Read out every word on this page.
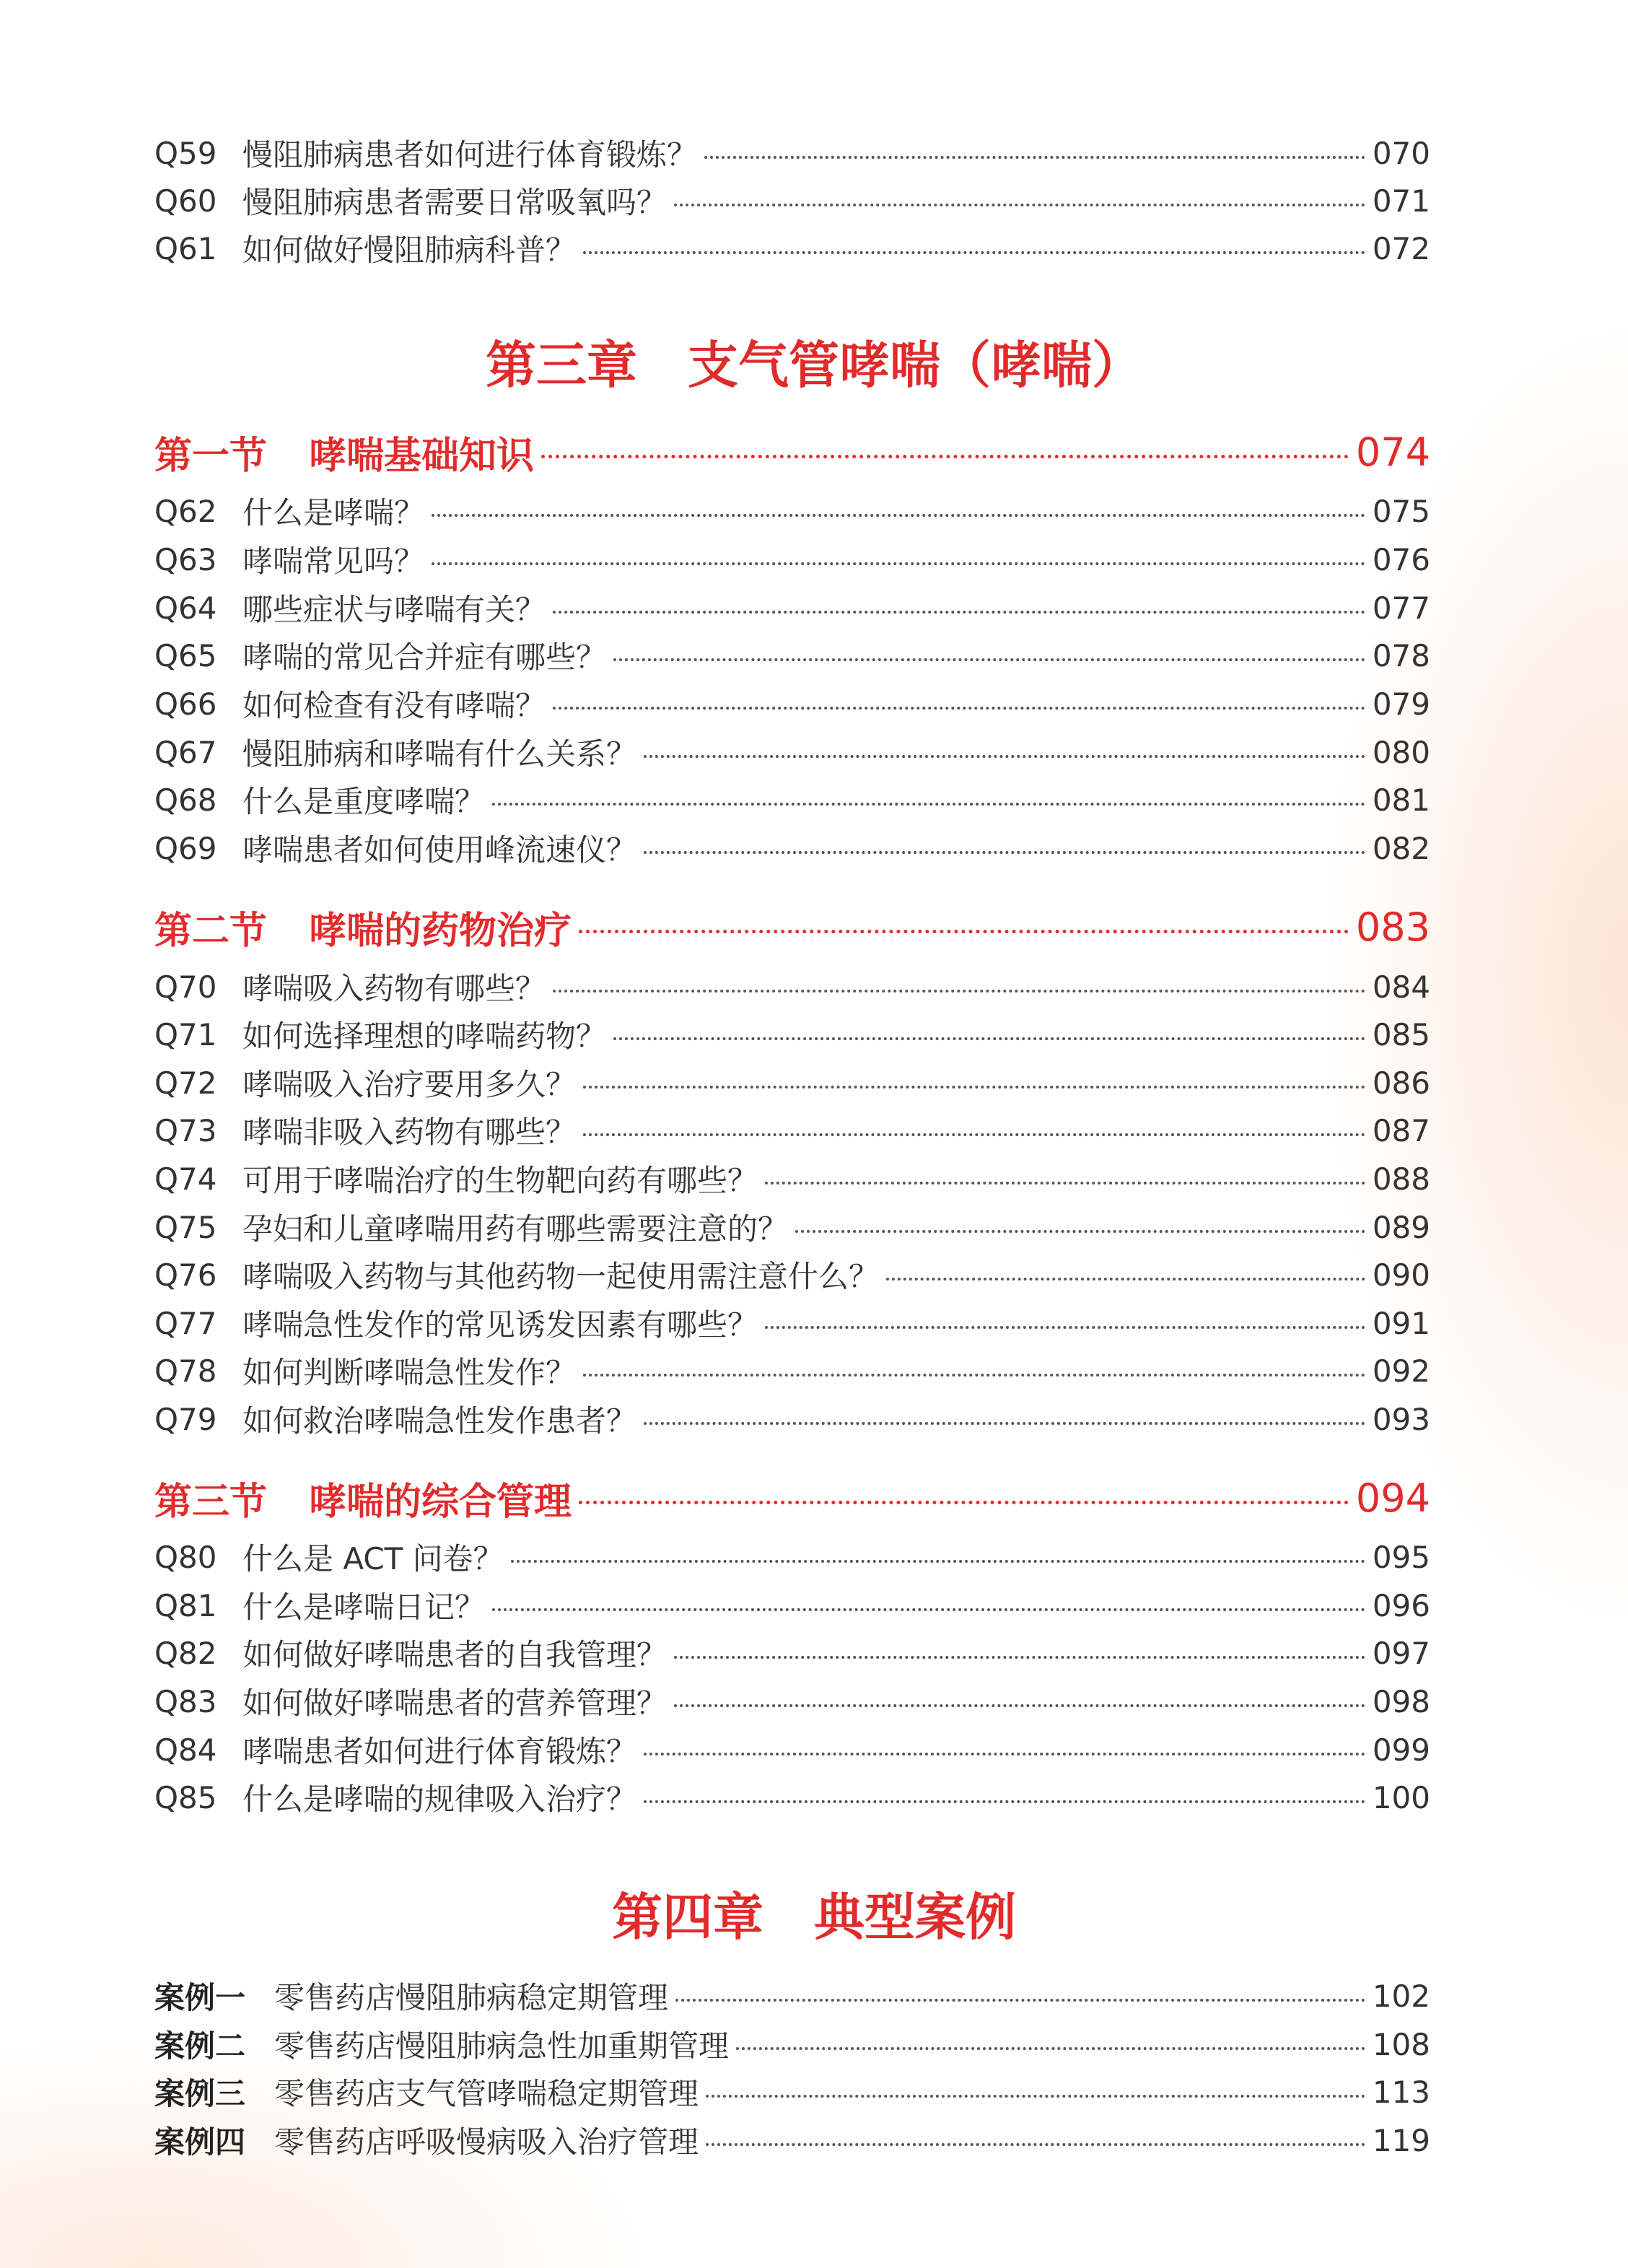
Q59 慢阻肺病患者如何进行体育锻炼？	070
Q60 慢阻肺病患者需要日常吸氧吗？	071
Q61 如何做好慢阻肺病科普？	072
第三章　支气管哮喘（哮喘）
第一节	哮喘基础知识	074
Q62 什么是哮喘？	075
Q63 哮喘常见吗？	076
Q64 哪些症状与哮喘有关？	077
Q65 哮喘的常见合并症有哪些？	078
Q66 如何检查有没有哮喘？	079
Q67 慢阻肺病和哮喘有什么关系？	080
Q68 什么是重度哮喘？	081
Q69 哮喘患者如何使用峰流速仪？	082
第二节	哮喘的药物治疗	083
Q70 哮喘吸入药物有哪些？	084
Q71 如何选择理想的哮喘药物？	085
Q72 哮喘吸入治疗要用多久？	086
Q73 哮喘非吸入药物有哪些？	087
Q74 可用于哮喘治疗的生物靶向药有哪些？	088
Q75 孕妇和儿童哮喘用药有哪些需要注意的？	089
Q76 哮喘吸入药物与其他药物一起使用需注意什么？	090
Q77 哮喘急性发作的常见诱发因素有哪些？	091
Q78 如何判断哮喘急性发作？	092
Q79 如何救治哮喘急性发作患者？	093
第三节	哮喘的综合管理	094
Q80 什么是 ACT 问卷？	095
Q81 什么是哮喘日记？	096
Q82 如何做好哮喘患者的自我管理？	097
Q83 如何做好哮喘患者的营养管理？	098
Q84 哮喘患者如何进行体育锻炼？	099
Q85 什么是哮喘的规律吸入治疗？	100
第四章　典型案例
案例一 零售药店慢阻肺病稳定期管理	102
案例二 零售药店慢阻肺病急性加重期管理	108
案例三 零售药店支气管哮喘稳定期管理	113
案例四 零售药店呼吸慢病吸入治疗管理	119
